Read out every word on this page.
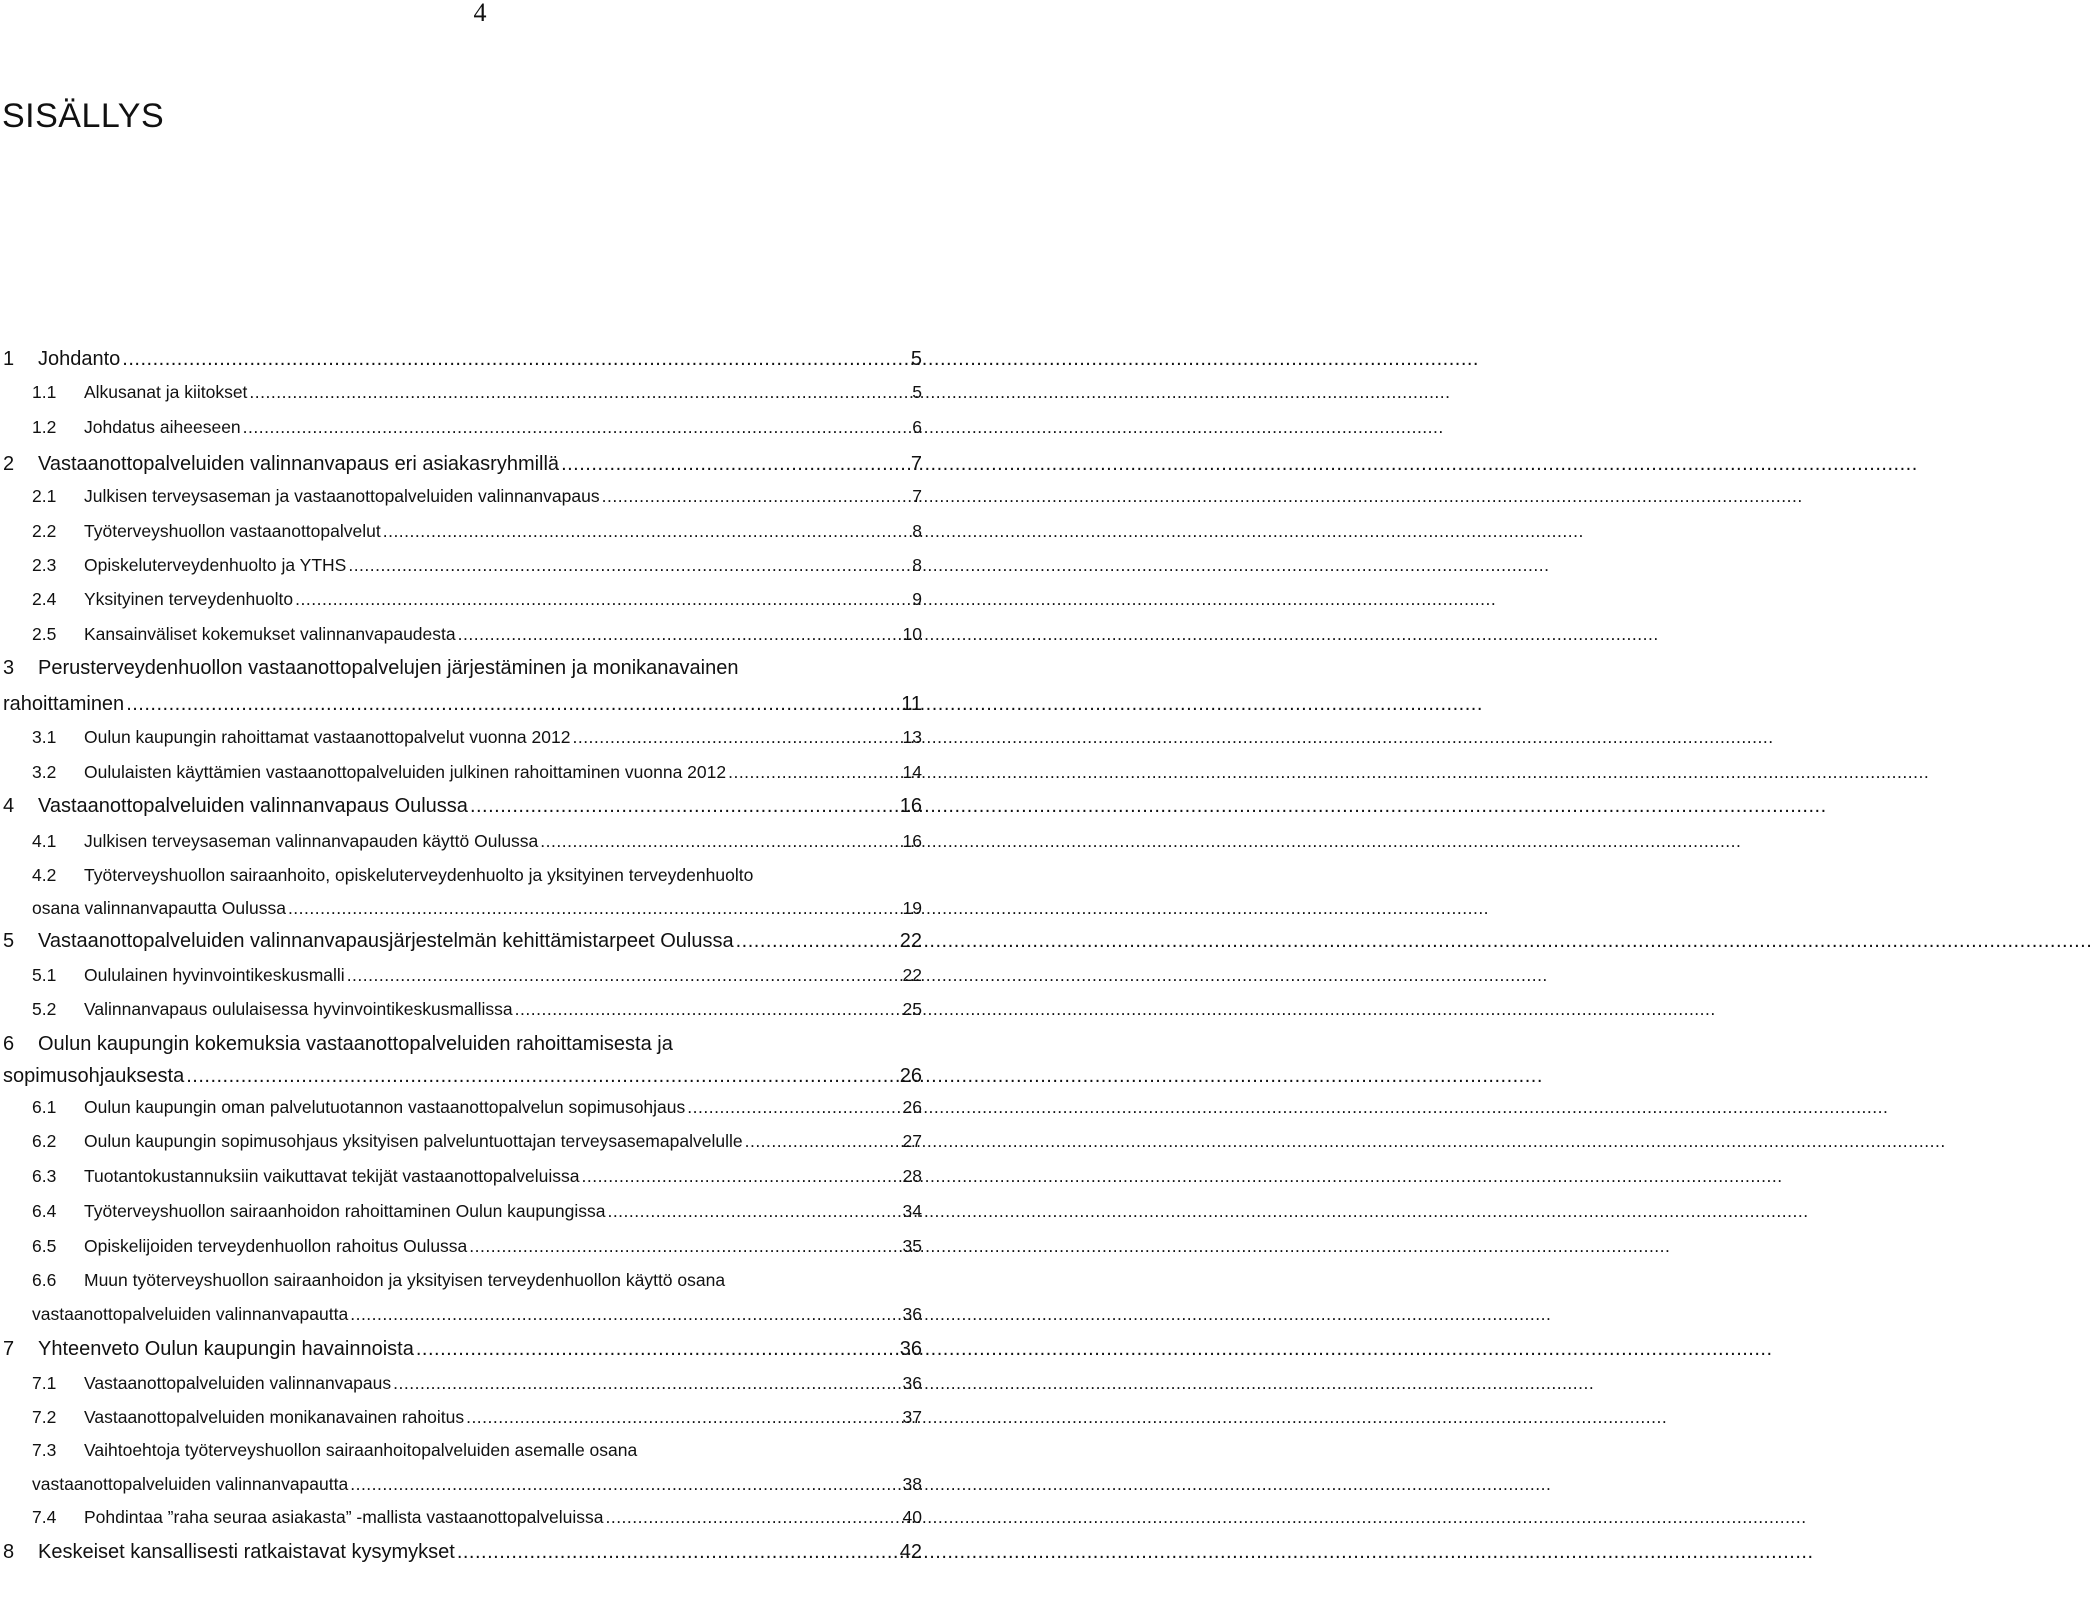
4
SISÄLLYS
1 Johdanto .....	5
1.1 Alkusanat ja kiitokset .....	5
1.2 Johdatus aiheeseen .....	6
2 Vastaanottopalveluiden valinnanvapaus eri asiakasryhmillä .....	7
2.1 Julkisen terveysaseman ja vastaanottopalveluiden valinnanvapaus .....	7
2.2 Työterveyshuollon vastaanottopalvelut .....	8
2.3 Opiskeluterveydenhuolto ja YTHS .....	8
2.4 Yksityinen terveydenhuolto .....	9
2.5 Kansainväliset kokemukset valinnanvapaudesta .....	10
3 Perusterveydenhuollon vastaanottopalvelujen järjestäminen ja monikanavainen
rahoittaminen .....	11
3.1 Oulun kaupungin rahoittamat vastaanottopalvelut vuonna 2012 .....	13
3.2 Oululaisten käyttämien vastaanottopalveluiden julkinen rahoittaminen vuonna 2012 .....	14
4 Vastaanottopalveluiden valinnanvapaus Oulussa .....	16
4.1 Julkisen terveysaseman valinnanvapauden käyttö Oulussa .....	16
4.2 Työterveyshuollon sairaanhoito, opiskeluterveydenhuolto ja yksityinen terveydenhuolto
osana valinnanvapautta Oulussa .....	19
5 Vastaanottopalveluiden valinnanvapausjärjestelmän kehittämistarpeet Oulussa .....	22
5.1 Oululainen hyvinvointikeskusmalli .....	22
5.2 Valinnanvapaus oululaisessa hyvinvointikeskusmallissa .....	25
6 Oulun kaupungin kokemuksia vastaanottopalveluiden rahoittamisesta ja
sopimusohjauksesta .....	26
6.1 Oulun kaupungin oman palvelutuotannon vastaanottopalvelun sopimusohjaus .....	26
6.2 Oulun kaupungin sopimusohjaus yksityisen palveluntuottajan terveysasemapalvelulle .....	27
6.3 Tuotantokustannuksiin vaikuttavat tekijät vastaanottopalveluissa .....	28
6.4 Työterveyshuollon sairaanhoidon rahoittaminen Oulun kaupungissa .....	34
6.5 Opiskelijoiden terveydenhuollon rahoitus Oulussa .....	35
6.6 Muun työterveyshuollon sairaanhoidon ja yksityisen terveydenhuollon käyttö osana
vastaanottopalveluiden valinnanvapautta .....	36
7 Yhteenveto Oulun kaupungin havainnoista .....	36
7.1 Vastaanottopalveluiden valinnanvapaus .....	36
7.2 Vastaanottopalveluiden monikanavainen rahoitus .....	37
7.3 Vaihtoehtoja työterveyshuollon sairaanhoitopalveluiden asemalle osana
vastaanottopalveluiden valinnanvapautta .....	38
7.4 Pohdintaa ”raha seuraa asiakasta” -mallista vastaanottopalveluissa .....	40
8 Keskeiset kansallisesti ratkaistavat kysymykset .....	42
